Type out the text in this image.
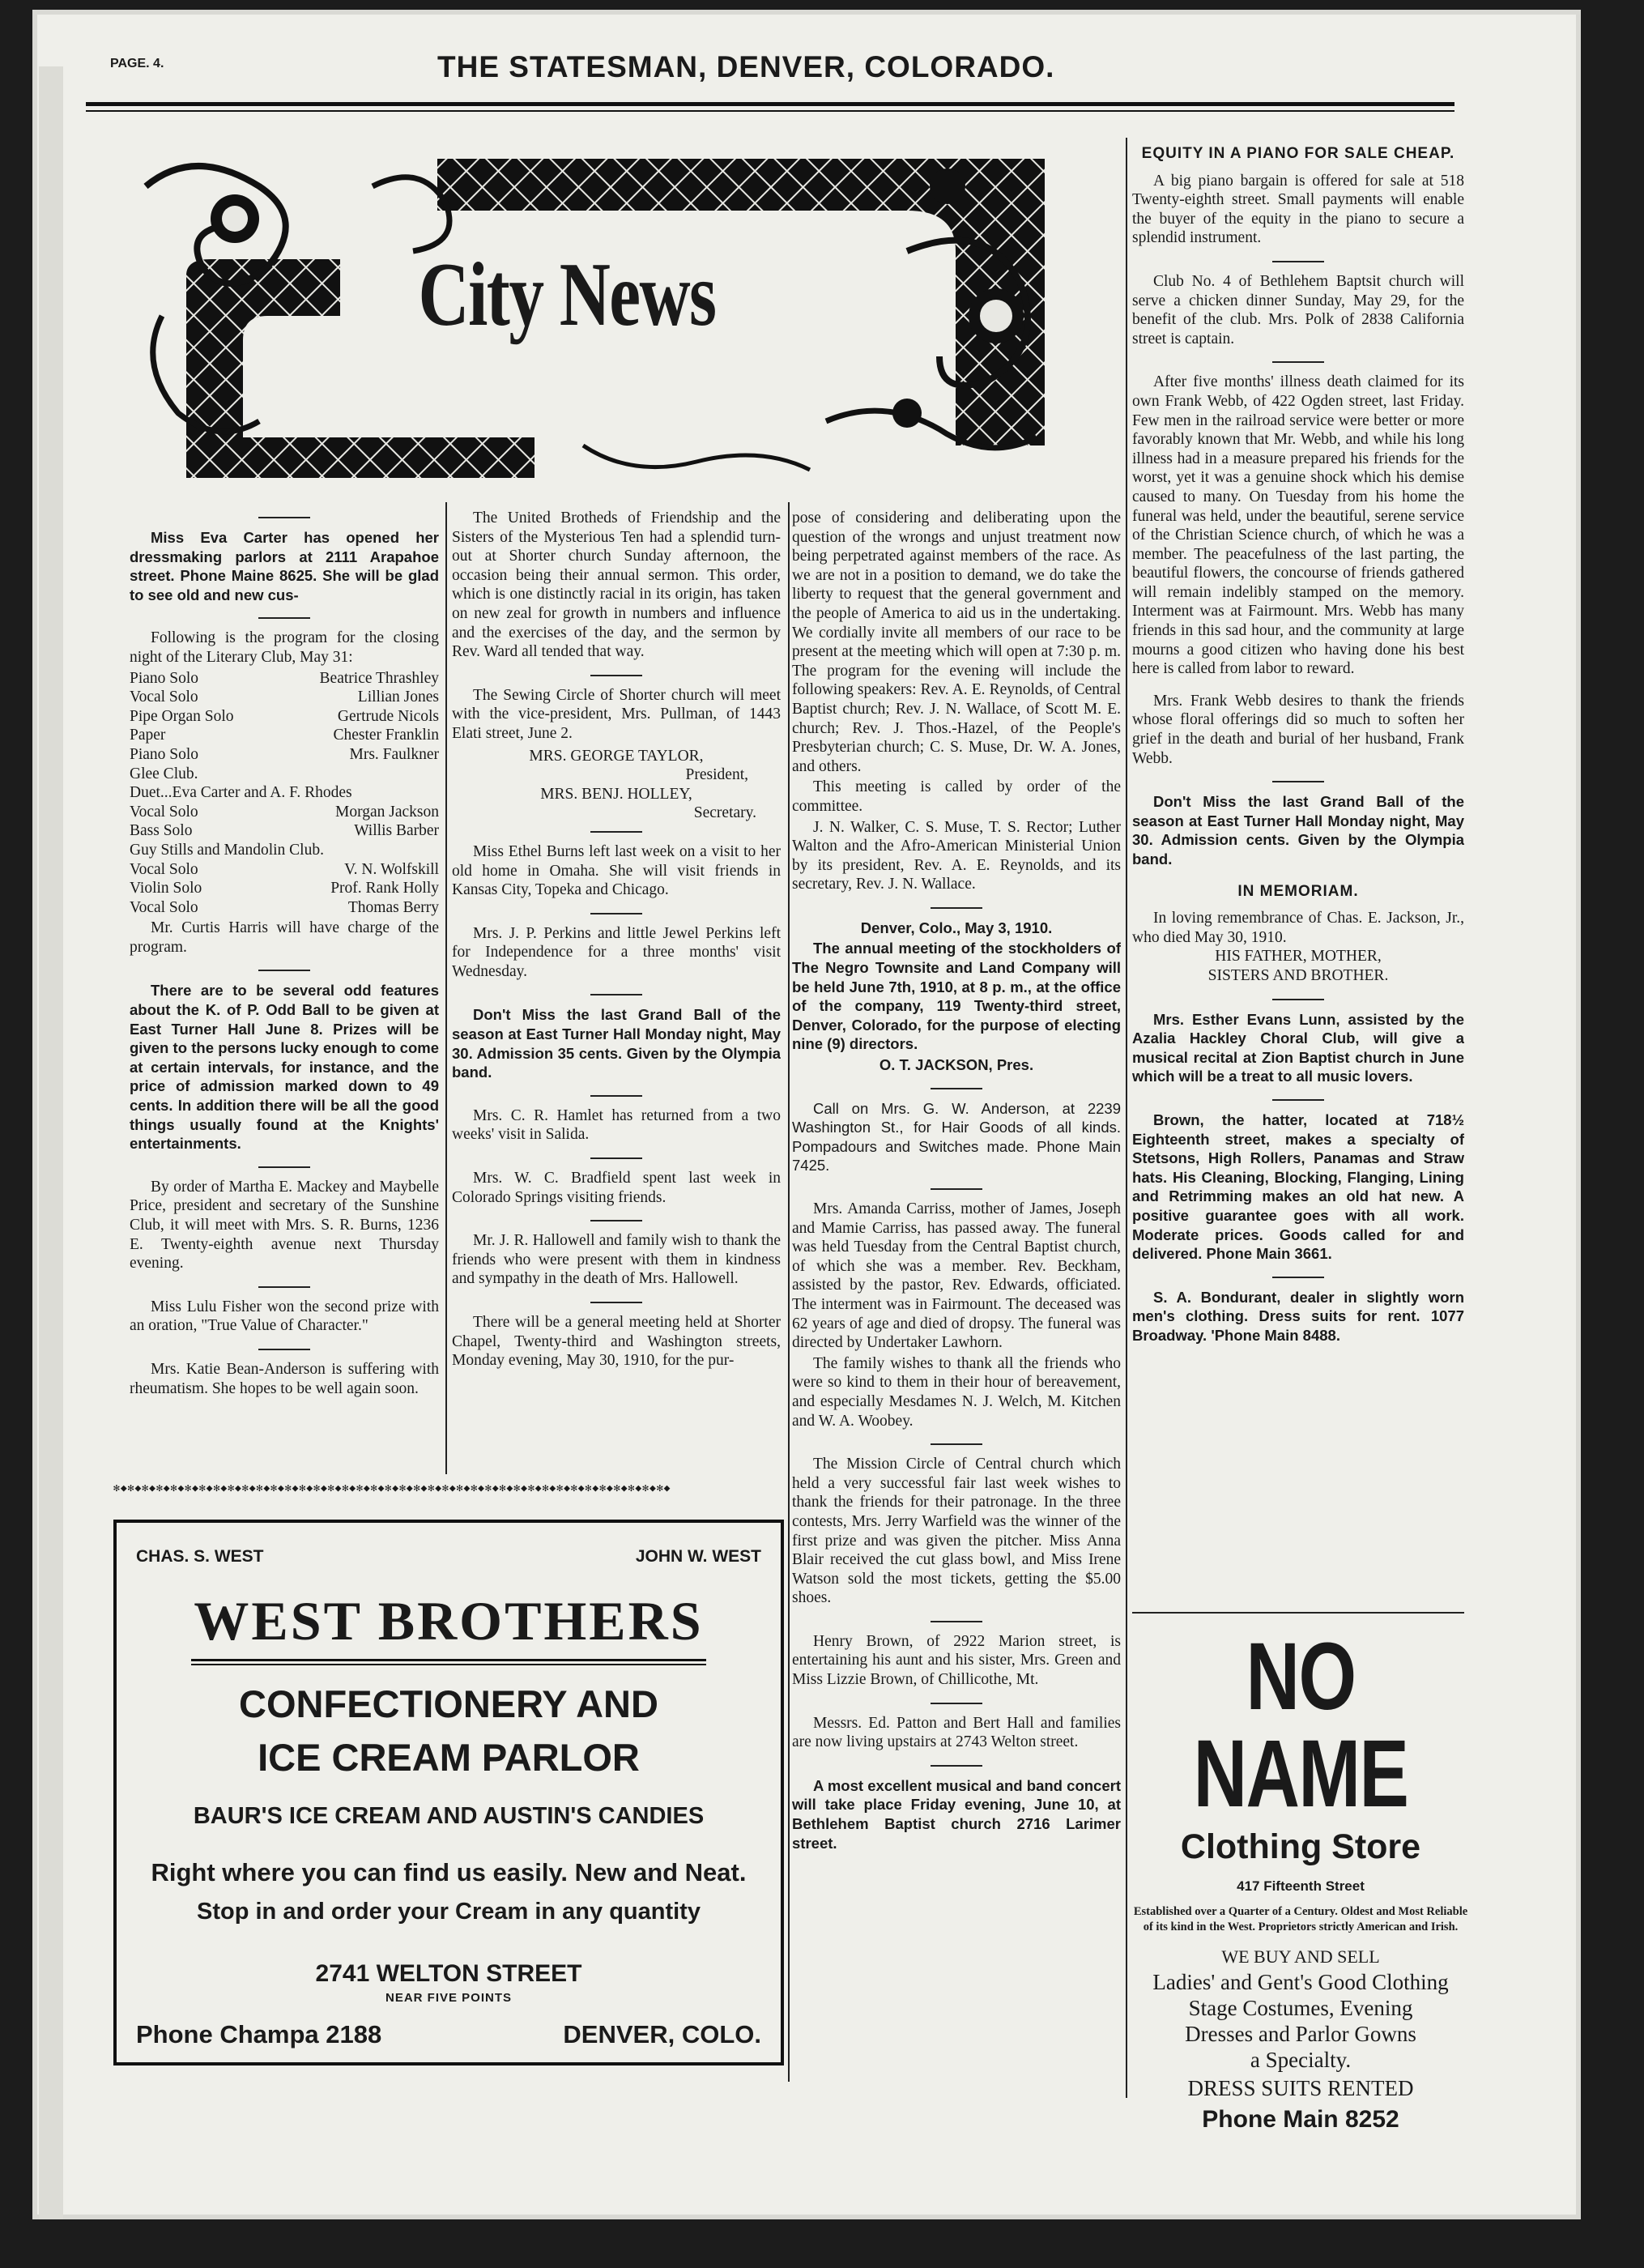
PAGE. 4.	THE STATESMAN, DENVER, COLORADO.
City News

Miss Eva Carter has opened her dressmaking parlors at 2111 Arapahoe street. Phone Maine 8625. She will be glad to see old and new cus-

Following is the program for the closing night of the Literary Club, May 31:

Piano Solo	Beatrice Thrashley
Vocal Solo	Lillian Jones
Pipe Organ Solo	Gertrude Nicols
Paper	Chester Franklin
Piano Solo	Mrs. Faulkner
Glee Club.
Duet...Eva Carter and A. F. Rhodes
Vocal Solo	Morgan Jackson
Bass Solo	Willis Barber
Guy Stills and Mandolin Club.
Vocal Solo	V. N. Wolfskill
Violin Solo	Prof. Rank Holly
Vocal Solo	Thomas Berry

Mr. Curtis Harris will have charge of the program.

There are to be several odd features about the K. of P. Odd Ball to be given at East Turner Hall June 8. Prizes will be given to the persons lucky enough to come at certain intervals, for instance, and the price of admission marked down to 49 cents. In addition there will be all the good things usually found at the Knights' entertainments.

By order of Martha E. Mackey and Maybelle Price, president and secretary of the Sunshine Club, it will meet with Mrs. S. R. Burns, 1236 E. Twenty-eighth avenue next Thursday evening.

Miss Lulu Fisher won the second prize with an oration, "True Value of Character."

Mrs. Katie Bean-Anderson is suffering with rheumatism. She hopes to be well again soon.

The United Brotheds of Friendship and the Sisters of the Mysterious Ten had a splendid turn-out at Shorter church Sunday afternoon, the occasion being their annual sermon. This order, which is one distinctly racial in its origin, has taken on new zeal for growth in numbers and influence and the exercises of the day, and the sermon by Rev. Ward all tended that way.

The Sewing Circle of Shorter church will meet with the vice-president, Mrs. Pullman, of 1443 Elati street, June 2.

MRS. GEORGE TAYLOR,

President,

MRS. BENJ. HOLLEY,

Secretary.

Miss Ethel Burns left last week on a visit to her old home in Omaha. She will visit friends in Kansas City, Topeka and Chicago.

Mrs. J. P. Perkins and little Jewel Perkins left for Independence for a three months' visit Wednesday.

Don't Miss the last Grand Ball of the season at East Turner Hall Monday night, May 30. Admission 35 cents. Given by the Olympia band.

Mrs. C. R. Hamlet has returned from a two weeks' visit in Salida.

Mrs. W. C. Bradfield spent last week in Colorado Springs visiting friends.

Mr. J. R. Hallowell and family wish to thank the friends who were present with them in kindness and sympathy in the death of Mrs. Hallowell.

There will be a general meeting held at Shorter Chapel, Twenty-third and Washington streets, Monday evening, May 30, 1910, for the pur-

✻◆✻◆✻◆✻◆✻◆✻◆✻◆✻◆✻◆✻◆✻◆✻◆✻◆✻◆✻◆✻◆✻◆✻◆✻◆✻◆✻◆✻◆✻◆✻◆✻◆✻◆✻◆✻◆✻◆✻◆✻◆✻◆✻◆✻◆✻◆✻◆✻◆✻◆✻◆

pose of considering and deliberating upon the question of the wrongs and unjust treatment now being perpetrated against members of the race. As we are not in a position to demand, we do take the liberty to request that the general government and the people of America to aid us in the undertaking. We cordially invite all members of our race to be present at the meeting which will open at 7:30 p. m. The program for the evening will include the following speakers: Rev. A. E. Reynolds, of Central Baptist church; Rev. J. N. Wallace, of Scott M. E. church; Rev. J. Thos.-Hazel, of the People's Presbyterian church; C. S. Muse, Dr. W. A. Jones, and others.

This meeting is called by order of the committee.

J. N. Walker, C. S. Muse, T. S. Rector; Luther Walton and the Afro-American Ministerial Union by its president, Rev. A. E. Reynolds, and its secretary, Rev. J. N. Wallace.

Denver, Colo., May 3, 1910.

The annual meeting of the stockholders of The Negro Townsite and Land Company will be held June 7th, 1910, at 8 p. m., at the office of the company, 119 Twenty-third street, Denver, Colorado, for the purpose of electing nine (9) directors.

O. T. JACKSON, Pres.

Call on Mrs. G. W. Anderson, at 2239 Washington St., for Hair Goods of all kinds. Pompadours and Switches made. Phone Main 7425.

Mrs. Amanda Carriss, mother of James, Joseph and Mamie Carriss, has passed away. The funeral was held Tuesday from the Central Baptist church, of which she was a member. Rev. Beckham, assisted by the pastor, Rev. Edwards, officiated. The interment was in Fairmount. The deceased was 62 years of age and died of dropsy. The funeral was directed by Undertaker Lawhorn.

The family wishes to thank all the friends who were so kind to them in their hour of bereavement, and especially Mesdames N. J. Welch, M. Kitchen and W. A. Woobey.

The Mission Circle of Central church which held a very successful fair last week wishes to thank the friends for their patronage. In the three contests, Mrs. Jerry Warfield was the winner of the first prize and was given the pitcher. Miss Anna Blair received the cut glass bowl, and Miss Irene Watson sold the most tickets, getting the $5.00 shoes.

Henry Brown, of 2922 Marion street, is entertaining his aunt and his sister, Mrs. Green and Miss Lizzie Brown, of Chillicothe, Mt.

Messrs. Ed. Patton and Bert Hall and families are now living upstairs at 2743 Welton street.

A most excellent musical and band concert will take place Friday evening, June 10, at Bethlehem Baptist church 2716 Larimer street.

EQUITY IN A PIANO FOR SALE CHEAP.

A big piano bargain is offered for sale at 518 Twenty-eighth street. Small payments will enable the buyer of the equity in the piano to secure a splendid instrument.

Club No. 4 of Bethlehem Baptsit church will serve a chicken dinner Sunday, May 29, for the benefit of the club. Mrs. Polk of 2838 California street is captain.

After five months' illness death claimed for its own Frank Webb, of 422 Ogden street, last Friday. Few men in the railroad service were better or more favorably known that Mr. Webb, and while his long illness had in a measure prepared his friends for the worst, yet it was a genuine shock which his demise caused to many. On Tuesday from his home the funeral was held, under the beautiful, serene service of the Christian Science church, of which he was a member. The peacefulness of the last parting, the beautiful flowers, the concourse of friends gathered will remain indelibly stamped on the memory. Interment was at Fairmount. Mrs. Webb has many friends in this sad hour, and the community at large mourns a good citizen who having done his best here is called from labor to reward.

Mrs. Frank Webb desires to thank the friends whose floral offerings did so much to soften her grief in the death and burial of her husband, Frank Webb.

Don't Miss the last Grand Ball of the season at East Turner Hall Monday night, May 30. Admission cents. Given by the Olympia band.

IN MEMORIAM.

In loving remembrance of Chas. E. Jackson, Jr., who died May 30, 1910.

HIS FATHER, MOTHER,

SISTERS AND BROTHER.

Mrs. Esther Evans Lunn, assisted by the Azalia Hackley Choral Club, will give a musical recital at Zion Baptist church in June which will be a treat to all music lovers.

Brown, the hatter, located at 718½ Eighteenth street, makes a specialty of Stetsons, High Rollers, Panamas and Straw hats. His Cleaning, Blocking, Flanging, Lining and Retrimming makes an old hat new. A positive guarantee goes with all work. Moderate prices. Goods called for and delivered. Phone Main 3661.

S. A. Bondurant, dealer in slightly worn men's clothing. Dress suits for rent. 1077 Broadway. 'Phone Main 8488.

CHAS. S. WEST	JOHN W. WEST
WEST BROTHERS
CONFECTIONERY AND
ICE CREAM PARLOR
BAUR'S ICE CREAM AND AUSTIN'S CANDIES
Right where you can find us easily. New and Neat.
Stop in and order your Cream in any quantity
2741 WELTON STREET
NEAR FIVE POINTS
Phone Champa 2188	DENVER, COLO.
NO NAME
Clothing Store
417 Fifteenth Street
Established over a Quarter of a Century. Oldest and Most Reliable of its kind in the West. Proprietors strictly American and Irish.
WE BUY AND SELL
Ladies' and Gent's Good Clothing
Stage Costumes, Evening
Dresses and Parlor Gowns
a Specialty.
DRESS SUITS RENTED
Phone Main 8252
